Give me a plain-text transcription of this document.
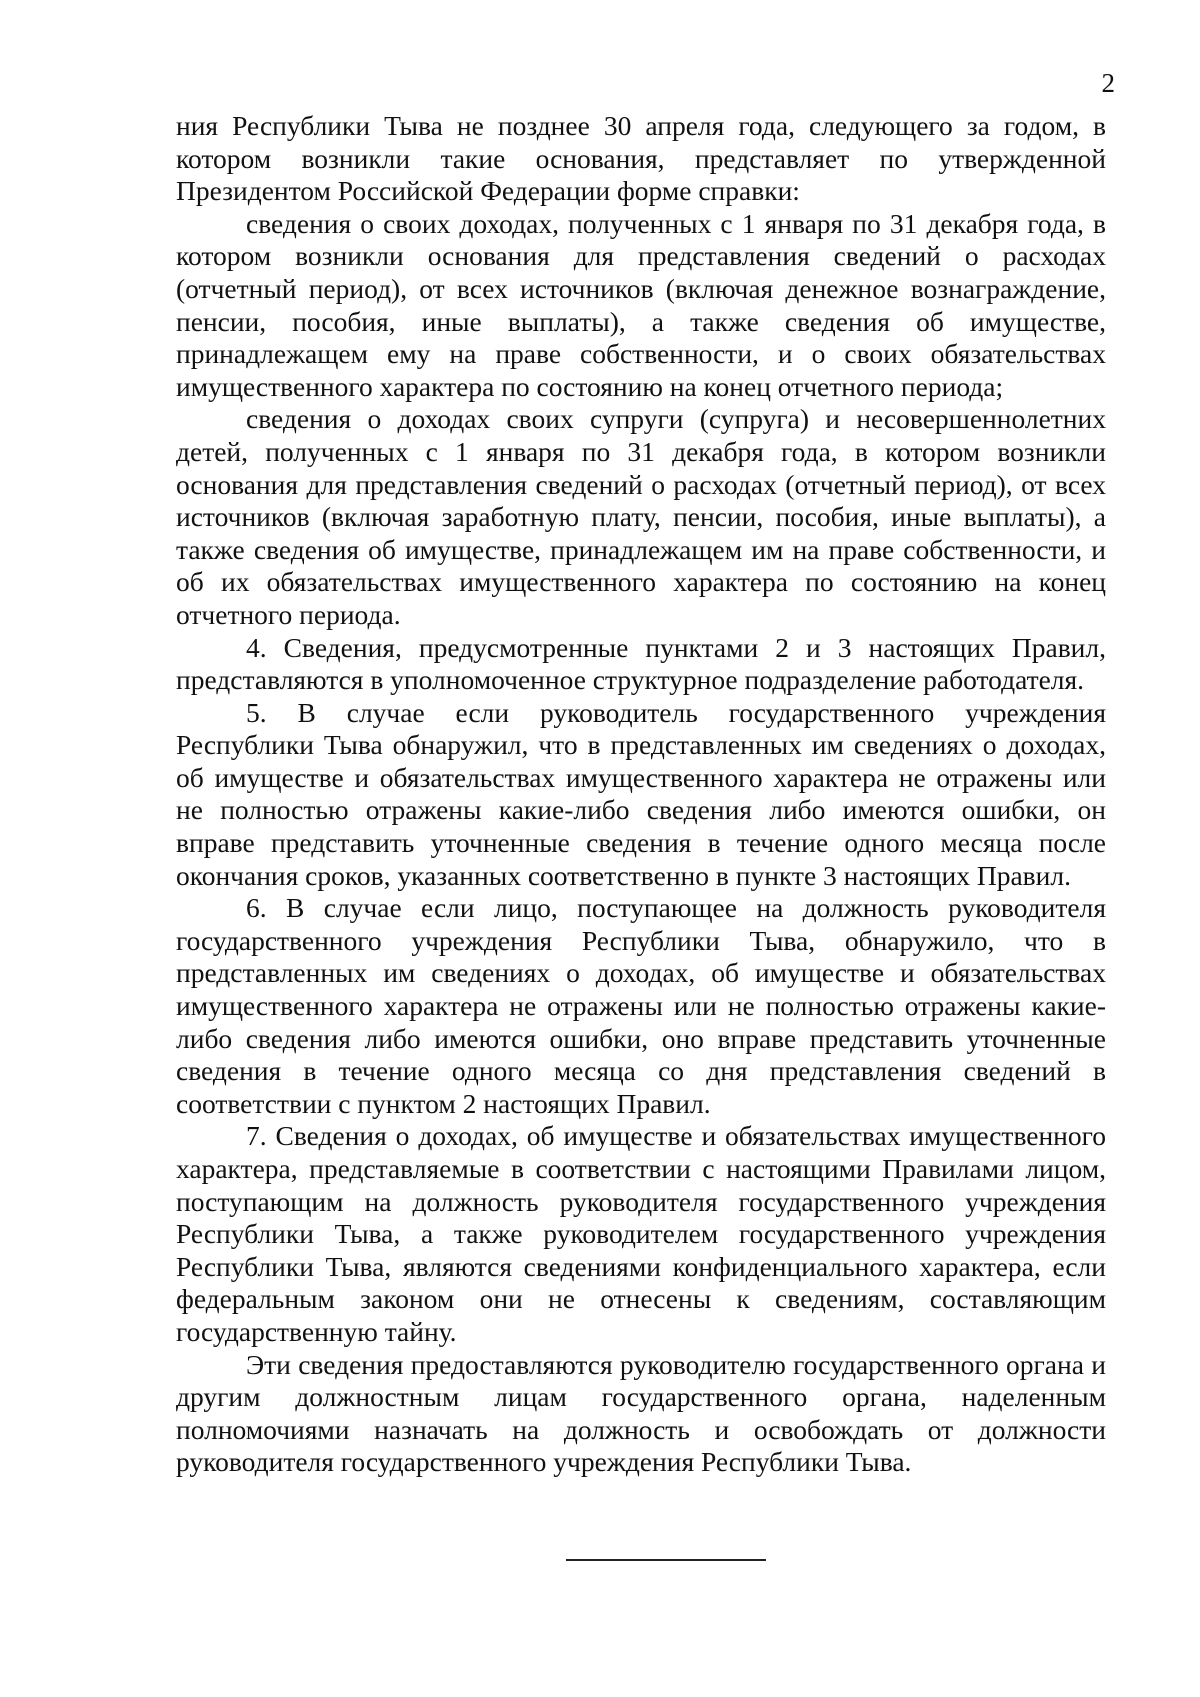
2

ния Республики Тыва не позднее 30 апреля года, следующего за годом, в котором возникли такие основания, представляет по утвержденной Президентом Российской Федерации форме справки:

сведения о своих доходах, полученных с 1 января по 31 декабря года, в котором возникли основания для представления сведений о расходах (отчетный период), от всех источников (включая денежное вознаграждение, пенсии, пособия, иные выплаты), а также сведения об имуществе, принадлежащем ему на праве собственности, и о своих обязательствах имущественного характера по состоянию на конец отчетного периода;

сведения о доходах своих супруги (супруга) и несовершеннолетних детей, полученных с 1 января по 31 декабря года, в котором возникли основания для представления сведений о расходах (отчетный период), от всех источников (включая заработную плату, пенсии, пособия, иные выплаты), а также сведения об имуществе, принадлежащем им на праве собственности, и об их обязательствах имущественного характера по состоянию на конец отчетного периода.

4. Сведения, предусмотренные пунктами 2 и 3 настоящих Правил, представляются в уполномоченное структурное подразделение работодателя.

5. В случае если руководитель государственного учреждения Республики Тыва обнаружил, что в представленных им сведениях о доходах, об имуществе и обязательствах имущественного характера не отражены или не полностью отражены какие-либо сведения либо имеются ошибки, он вправе представить уточненные сведения в течение одного месяца после окончания сроков, указанных соответственно в пункте 3 настоящих Правил.

6. В случае если лицо, поступающее на должность руководителя государственного учреждения Республики Тыва, обнаружило, что в представленных им сведениях о доходах, об имуществе и обязательствах имущественного характера не отражены или не полностью отражены какие-либо сведения либо имеются ошибки, оно вправе представить уточненные сведения в течение одного месяца со дня представления сведений в соответствии с пунктом 2 настоящих Правил.

7. Сведения о доходах, об имуществе и обязательствах имущественного характера, представляемые в соответствии с настоящими Правилами лицом, поступающим на должность руководителя государственного учреждения Республики Тыва, а также руководителем государственного учреждения Республики Тыва, являются сведениями конфиденциального характера, если федеральным законом они не отнесены к сведениям, составляющим государственную тайну.

Эти сведения предоставляются руководителю государственного органа и другим должностным лицам государственного органа, наделенным полномочиями назначать на должность и освобождать от должности руководителя государственного учреждения Республики Тыва.
